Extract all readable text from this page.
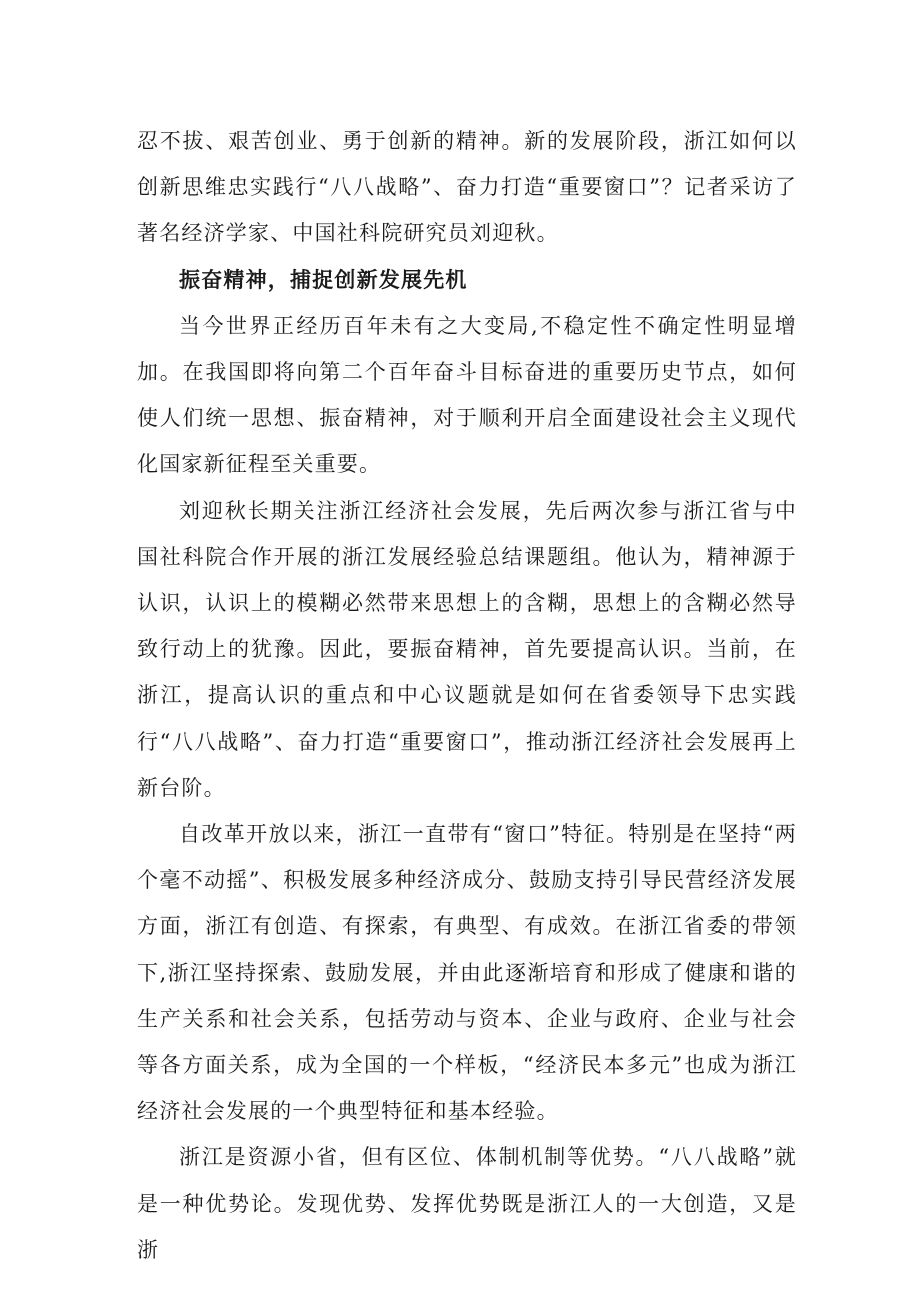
忍不拔、艰苦创业、勇于创新的精神。新的发展阶段，浙江如何以创新思维忠实践行“八八战略”、奋力打造“重要窗口”？记者采访了著名经济学家、中国社科院研究员刘迎秋。

振奋精神，捕捉创新发展先机

当今世界正经历百年未有之大变局,不稳定性不确定性明显增加。在我国即将向第二个百年奋斗目标奋进的重要历史节点，如何使人们统一思想、振奋精神，对于顺利开启全面建设社会主义现代化国家新征程至关重要。

刘迎秋长期关注浙江经济社会发展，先后两次参与浙江省与中国社科院合作开展的浙江发展经验总结课题组。他认为，精神源于认识，认识上的模糊必然带来思想上的含糊，思想上的含糊必然导致行动上的犹豫。因此，要振奋精神，首先要提高认识。当前，在浙江，提高认识的重点和中心议题就是如何在省委领导下忠实践行“八八战略”、奋力打造“重要窗口”，推动浙江经济社会发展再上新台阶。

自改革开放以来，浙江一直带有“窗口”特征。特别是在坚持“两个毫不动摇”、积极发展多种经济成分、鼓励支持引导民营经济发展方面，浙江有创造、有探索，有典型、有成效。在浙江省委的带领下,浙江坚持探索、鼓励发展，并由此逐渐培育和形成了健康和谐的生产关系和社会关系，包括劳动与资本、企业与政府、企业与社会等各方面关系，成为全国的一个样板，“经济民本多元”也成为浙江经济社会发展的一个典型特征和基本经验。

浙江是资源小省，但有区位、体制机制等优势。“八八战略”就是一种优势论。发现优势、发挥优势既是浙江人的一大创造，又是浙
